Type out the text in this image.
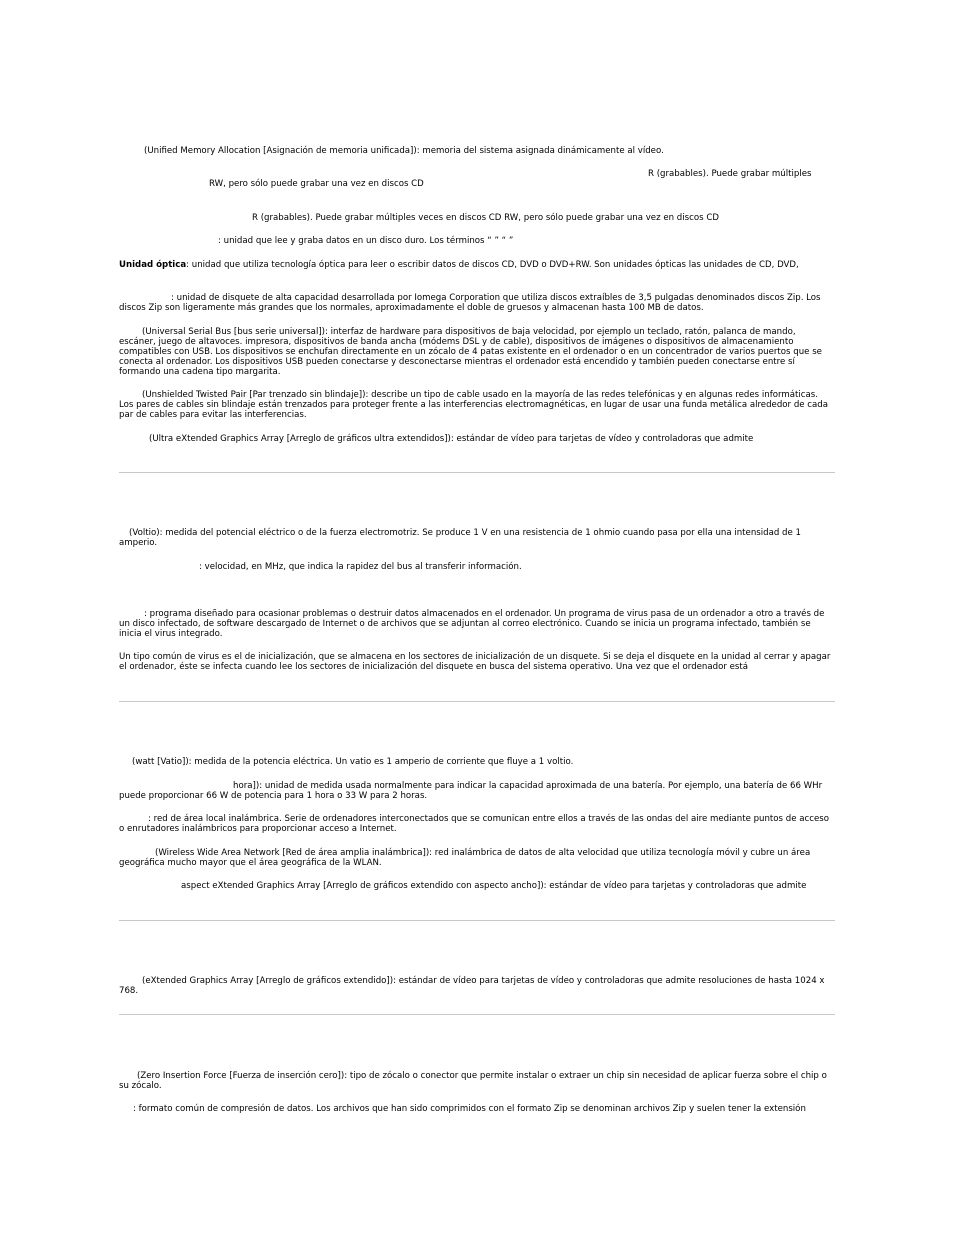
(Unified Memory Allocation [Asignación de memoria unificada]): memoria del sistema asignada dinámicamente al vídeo.

R (grabables). Puede grabar múltiples

RW, pero sólo puede grabar una vez en discos CD

R (grabables). Puede grabar múltiples veces en discos CD RW, pero sólo puede grabar una vez en discos CD

: unidad que lee y graba datos en un disco duro. Los términos “ ” “ ”

Unidad óptica: unidad que utiliza tecnología óptica para leer o escribir datos de discos CD, DVD o DVD+RW. Son unidades ópticas las unidades de CD, DVD,

: unidad de disquete de alta capacidad desarrollada por Iomega Corporation que utiliza discos extraíbles de 3,5 pulgadas denominados discos Zip. Los discos Zip son ligeramente más grandes que los normales, aproximadamente el doble de gruesos y almacenan hasta 100 MB de datos.

(Universal Serial Bus [bus serie universal]): interfaz de hardware para dispositivos de baja velocidad, por ejemplo un teclado, ratón, palanca de mando, escáner, juego de altavoces. impresora, dispositivos de banda ancha (módems DSL y de cable), dispositivos de imágenes o dispositivos de almacenamiento compatibles con USB. Los dispositivos se enchufan directamente en un zócalo de 4 patas existente en el ordenador o en un concentrador de varios puertos que se conecta al ordenador. Los dispositivos USB pueden conectarse y desconectarse mientras el ordenador está encendido y también pueden conectarse entre sí formando una cadena tipo margarita.

(Unshielded Twisted Pair [Par trenzado sin blindaje]): describe un tipo de cable usado en la mayoría de las redes telefónicas y en algunas redes informáticas. Los pares de cables sin blindaje están trenzados para proteger frente a las interferencias electromagnéticas, en lugar de usar una funda metálica alrededor de cada par de cables para evitar las interferencias.

(Ultra eXtended Graphics Array [Arreglo de gráficos ultra extendidos]): estándar de vídeo para tarjetas de vídeo y controladoras que admite

(Voltio): medida del potencial eléctrico o de la fuerza electromotriz. Se produce 1 V en una resistencia de 1 ohmio cuando pasa por ella una intensidad de 1 amperio.

: velocidad, en MHz, que indica la rapidez del bus al transferir información.

: programa diseñado para ocasionar problemas o destruir datos almacenados en el ordenador. Un programa de virus pasa de un ordenador a otro a través de un disco infectado, de software descargado de Internet o de archivos que se adjuntan al correo electrónico. Cuando se inicia un programa infectado, también se inicia el virus integrado.

Un tipo común de virus es el de inicialización, que se almacena en los sectores de inicialización de un disquete. Si se deja el disquete en la unidad al cerrar y apagar el ordenador, éste se infecta cuando lee los sectores de inicialización del disquete en busca del sistema operativo. Una vez que el ordenador está

(watt [Vatio]): medida de la potencia eléctrica. Un vatio es 1 amperio de corriente que fluye a 1 voltio.

hora]): unidad de medida usada normalmente para indicar la capacidad aproximada de una batería. Por ejemplo, una batería de 66 WHr puede proporcionar 66 W de potencia para 1 hora o 33 W para 2 horas.

: red de área local inalámbrica. Serie de ordenadores interconectados que se comunican entre ellos a través de las ondas del aire mediante puntos de acceso o enrutadores inalámbricos para proporcionar acceso a Internet.

(Wireless Wide Area Network [Red de área amplia inalámbrica]): red inalámbrica de datos de alta velocidad que utiliza tecnología móvil y cubre un área geográfica mucho mayor que el área geográfica de la WLAN.

aspect eXtended Graphics Array [Arreglo de gráficos extendido con aspecto ancho]): estándar de vídeo para tarjetas y controladoras que admite

(eXtended Graphics Array [Arreglo de gráficos extendido]): estándar de vídeo para tarjetas de vídeo y controladoras que admite resoluciones de hasta 1024 x 768.

(Zero Insertion Force [Fuerza de inserción cero]): tipo de zócalo o conector que permite instalar o extraer un chip sin necesidad de aplicar fuerza sobre el chip o su zócalo.

: formato común de compresión de datos. Los archivos que han sido comprimidos con el formato Zip se denominan archivos Zip y suelen tener la extensión
